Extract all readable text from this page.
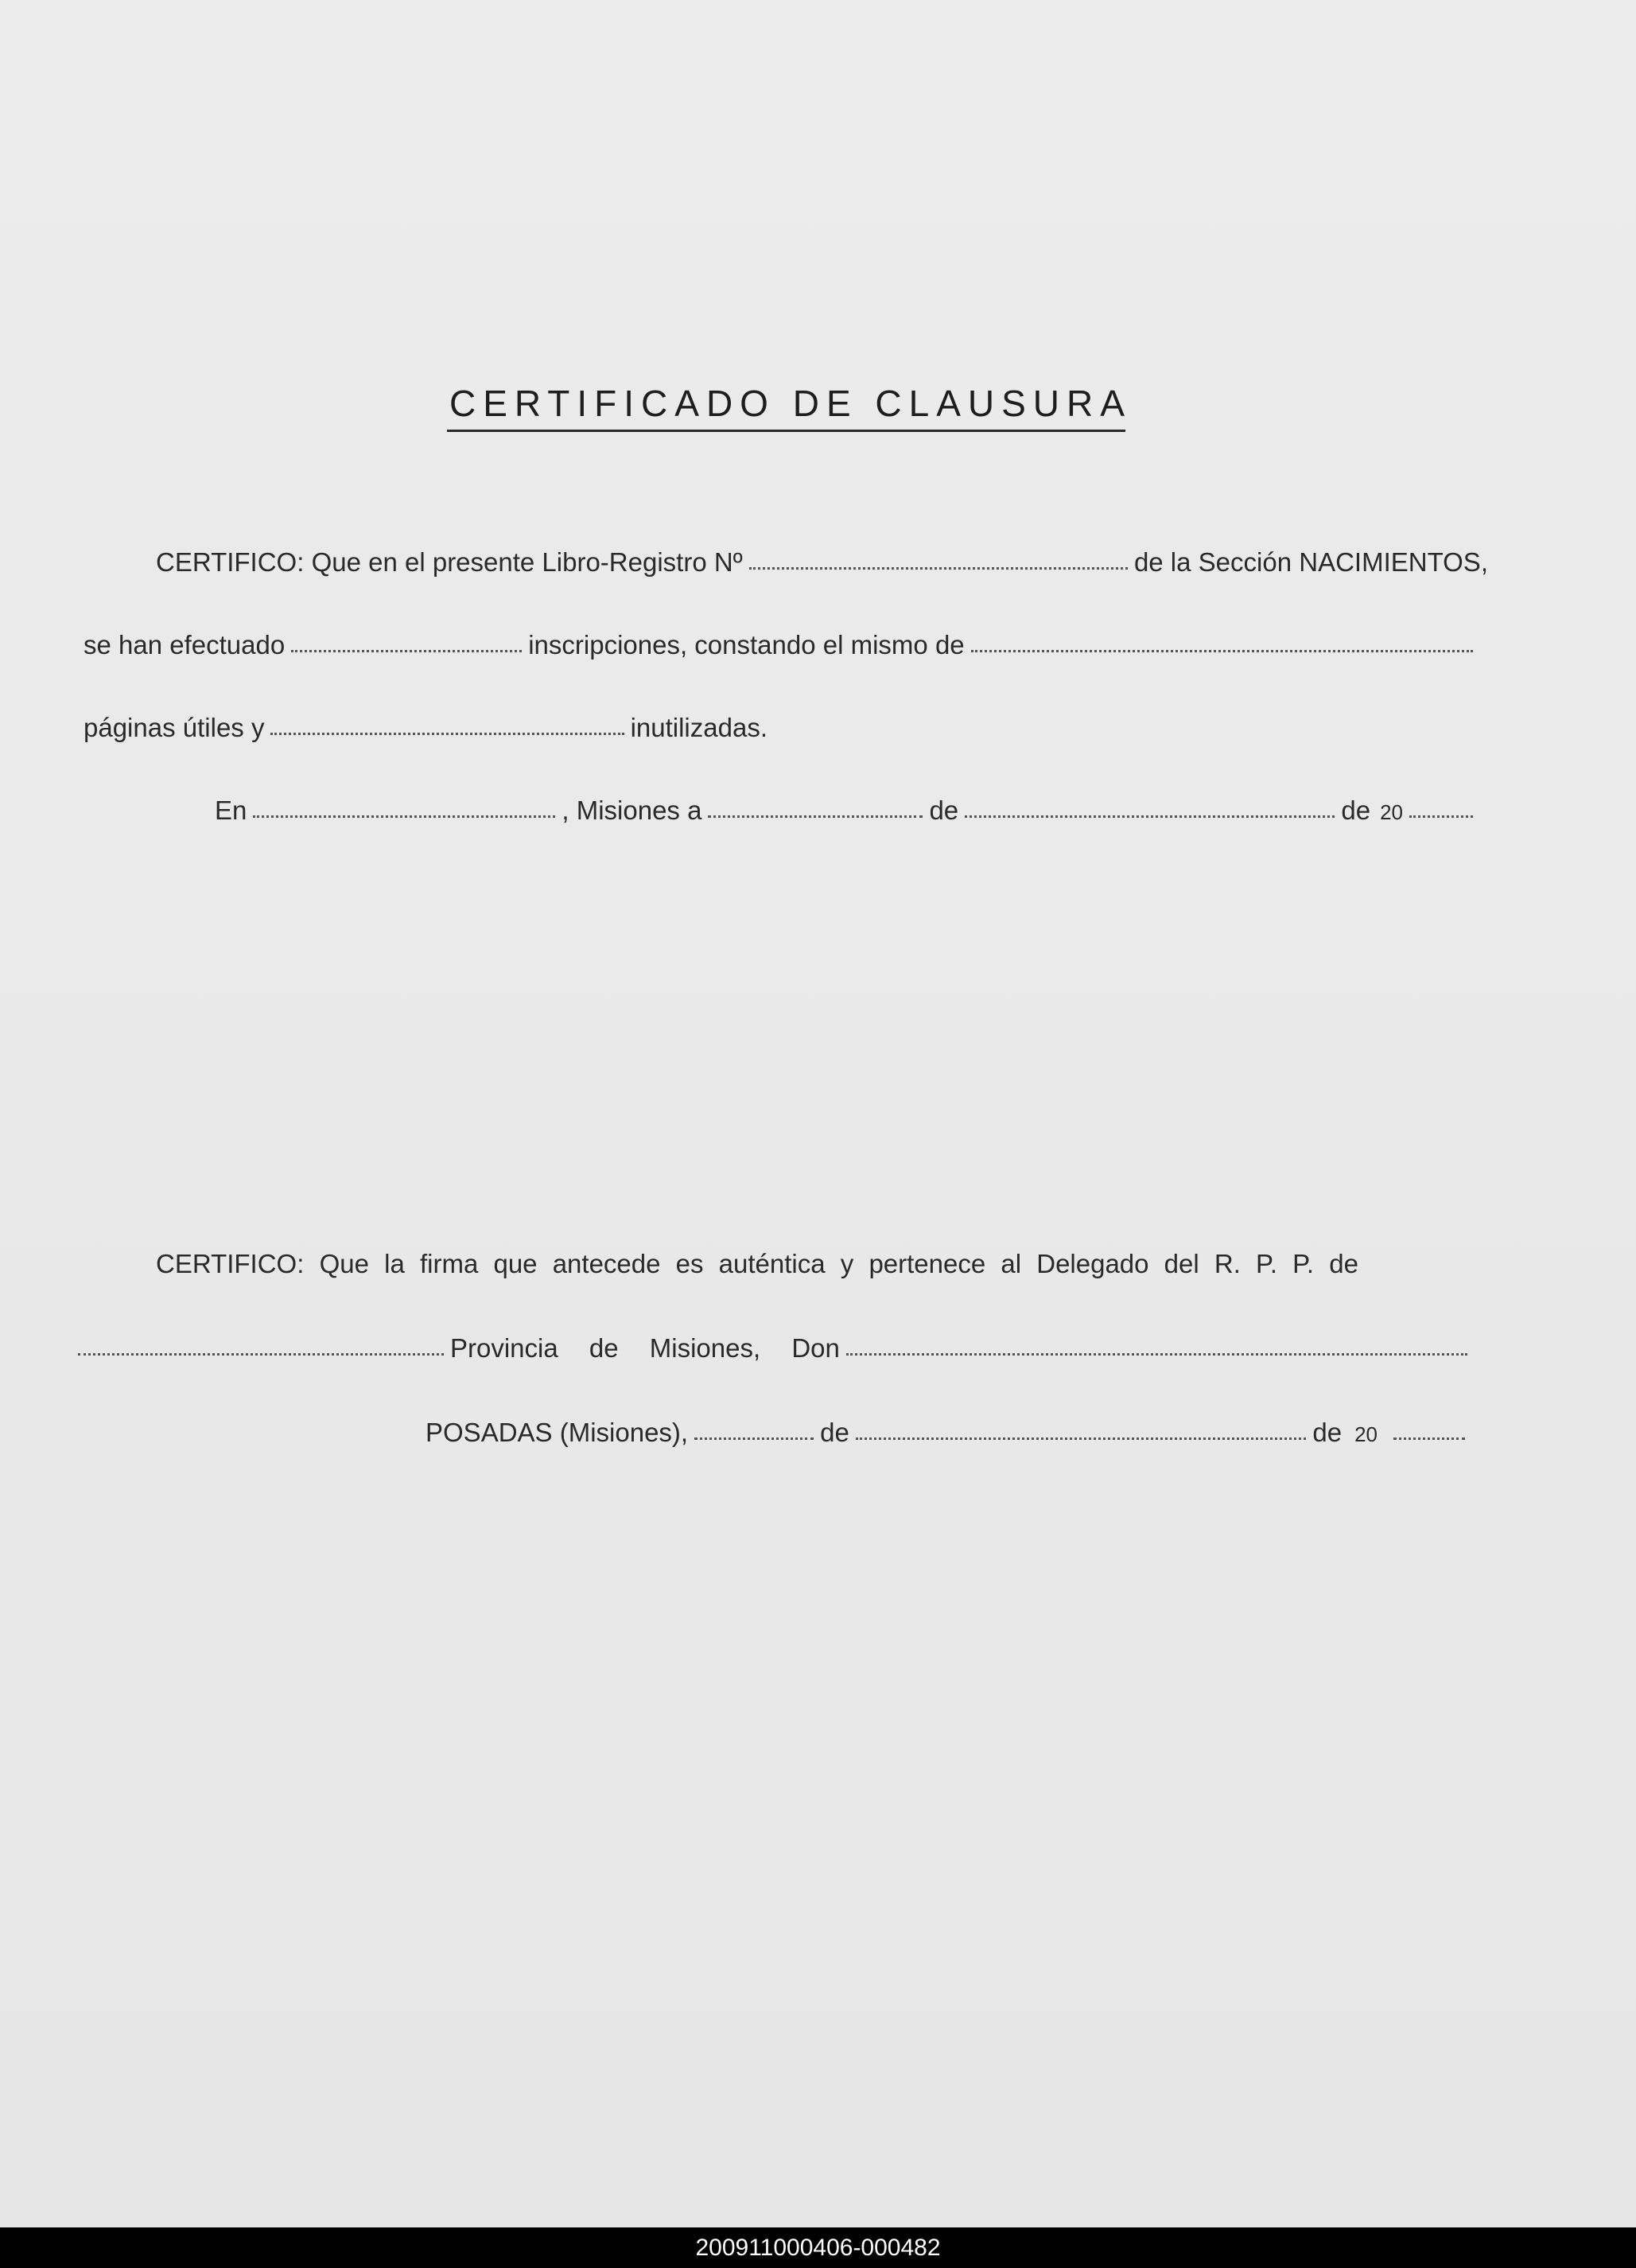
CERTIFICADO DE CLAUSURA
CERTIFICO: Que en el presente Libro-Registro Nº	de la Sección NACIMIENTOS,
se han efectuado	inscripciones, constando el mismo de
páginas útiles y	inutilizadas.
En	, Misiones a	de	de 20
CERTIFICO: Que la firma que antecede es auténtica y pertenece al Delegado del R. P. P. de
Provincia de Misiones, Don
POSADAS (Misiones),	de	de 20
200911000406-000482
